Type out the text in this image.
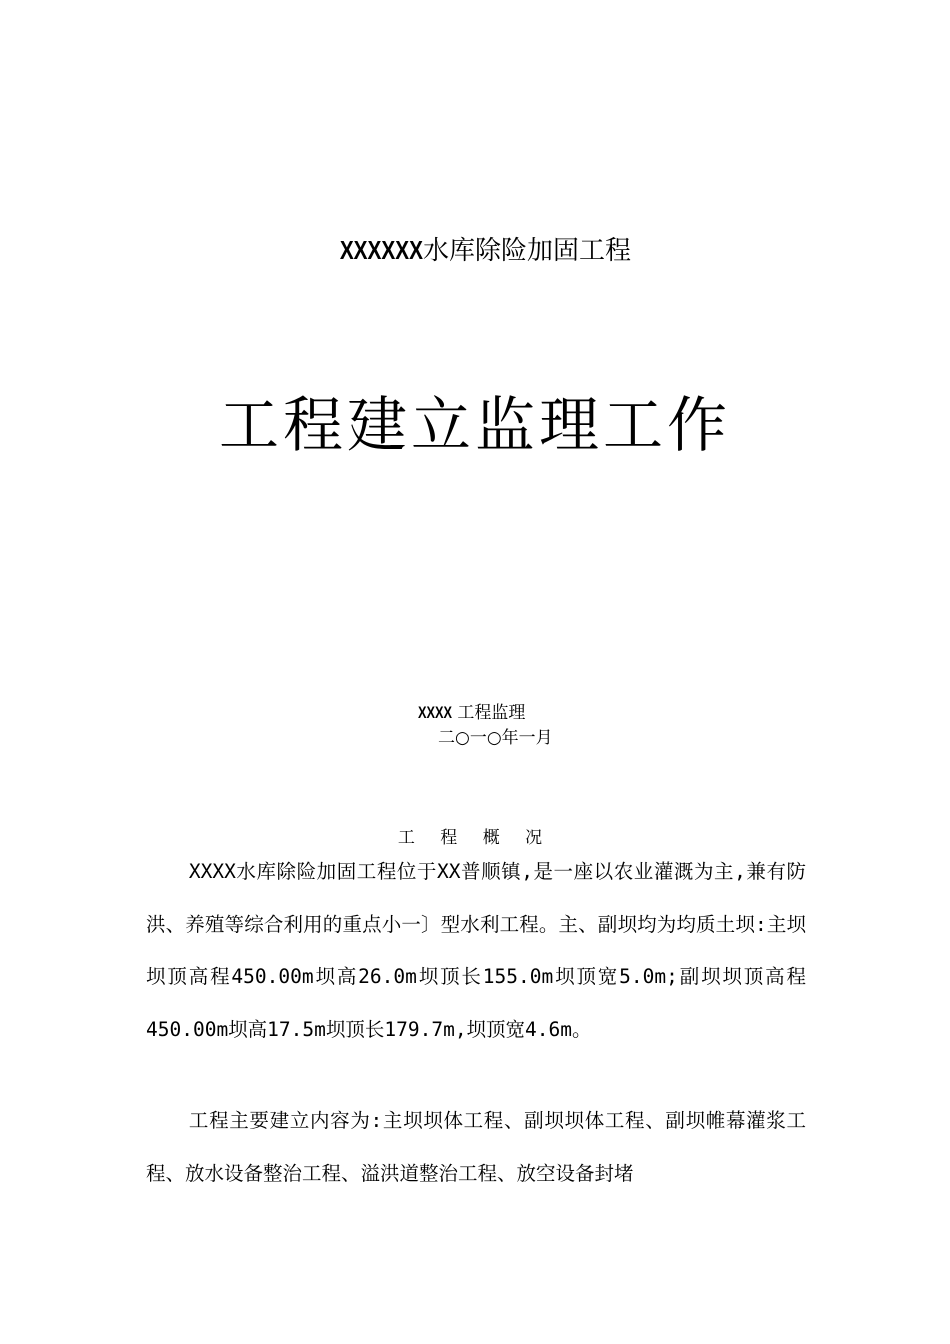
XXXXXX水库除险加固工程
工程建立监理工作
XXXX 工程监理
二○一○年一月
工 程 概 况

XXXX水库除险加固工程位于XX普顺镇,是一座以农业灌溉为主,兼有防洪、养殖等综合利用的重点小一〕型水利工程。主、副坝均为均质土坝:主坝坝顶高程450.00m坝高26.0m坝顶长155.0m坝顶宽5.0m;副坝坝顶高程450.00m坝高17.5m坝顶长179.7m,坝顶宽4.6m。

工程主要建立内容为:主坝坝体工程、副坝坝体工程、副坝帷幕灌浆工程、放水设备整治工程、溢洪道整治工程、放空设备封堵
